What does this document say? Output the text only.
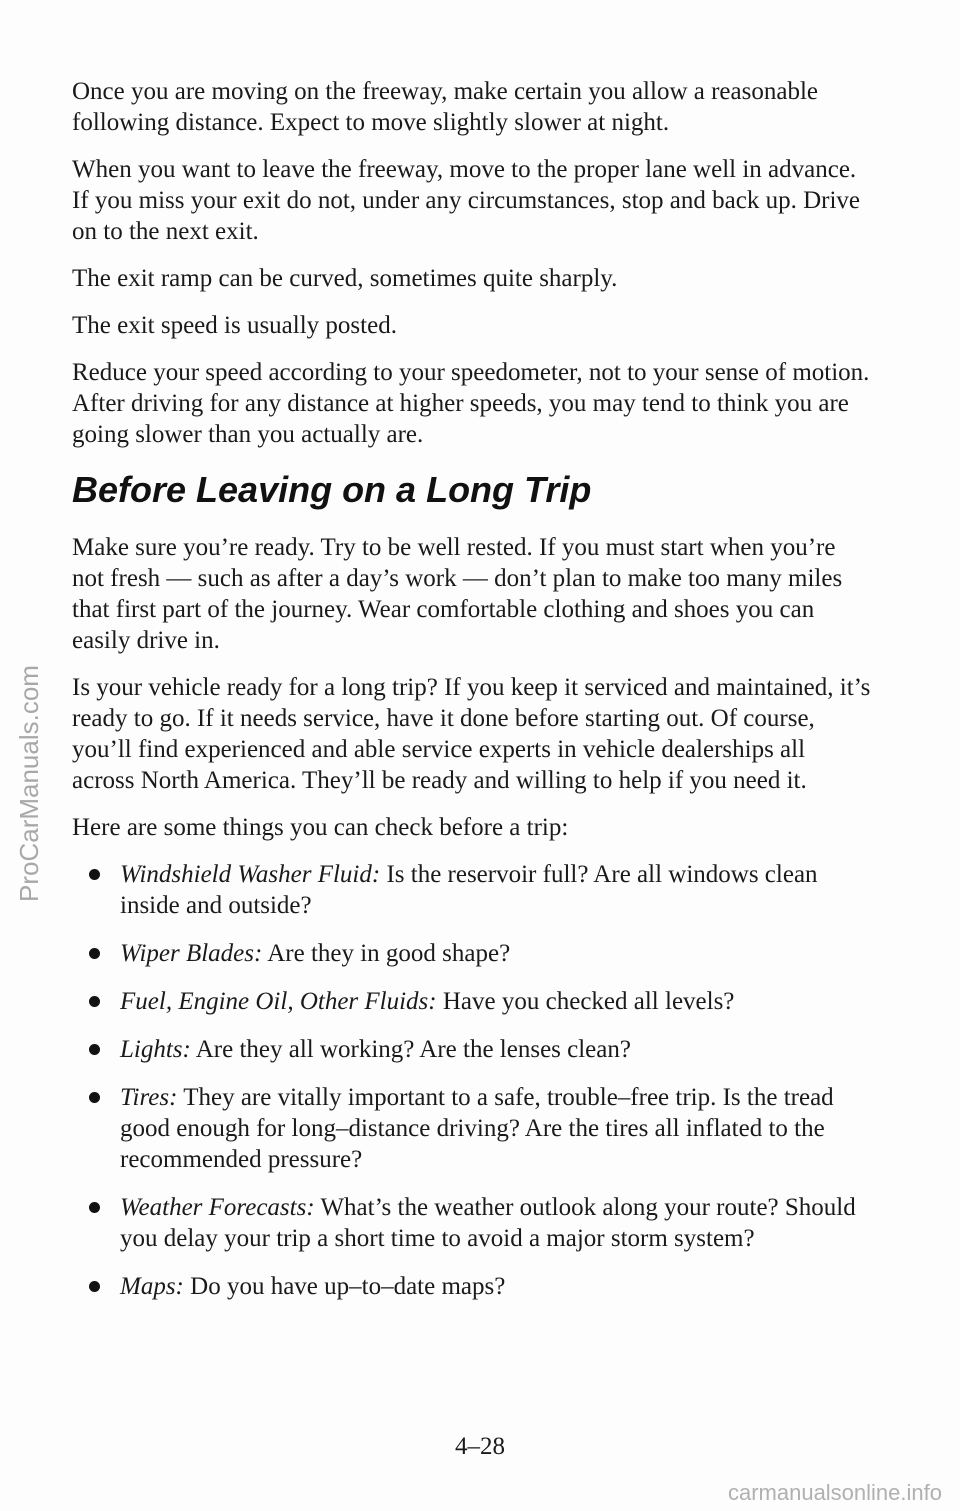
Once you are moving on the freeway, make certain you allow a reasonable following distance. Expect to move slightly slower at night.

When you want to leave the freeway, move to the proper lane well in advance. If you miss your exit do not, under any circumstances, stop and back up. Drive on to the next exit.

The exit ramp can be curved, sometimes quite sharply.

The exit speed is usually posted.

Reduce your speed according to your speedometer, not to your sense of motion. After driving for any distance at higher speeds, you may tend to think you are going slower than you actually are.

Before Leaving on a Long Trip

Make sure you’re ready. Try to be well rested. If you must start when you’re not fresh — such as after a day’s work — don’t plan to make too many miles that first part of the journey. Wear comfortable clothing and shoes you can easily drive in.

Is your vehicle ready for a long trip? If you keep it serviced and maintained, it’s ready to go. If it needs service, have it done before starting out. Of course, you’ll find experienced and able service experts in vehicle dealerships all across North America. They’ll be ready and willing to help if you need it.

Here are some things you can check before a trip:

Windshield Washer Fluid: Is the reservoir full? Are all windows clean inside and outside?
Wiper Blades: Are they in good shape?
Fuel, Engine Oil, Other Fluids: Have you checked all levels?
Lights: Are they all working? Are the lenses clean?
Tires: They are vitally important to a safe, trouble–free trip. Is the tread good enough for long–distance driving? Are the tires all inflated to the recommended pressure?
Weather Forecasts: What’s the weather outlook along your route? Should you delay your trip a short time to avoid a major storm system?
Maps: Do you have up–to–date maps?
4–28
ProCarManuals.com
carmanualsonline.info
